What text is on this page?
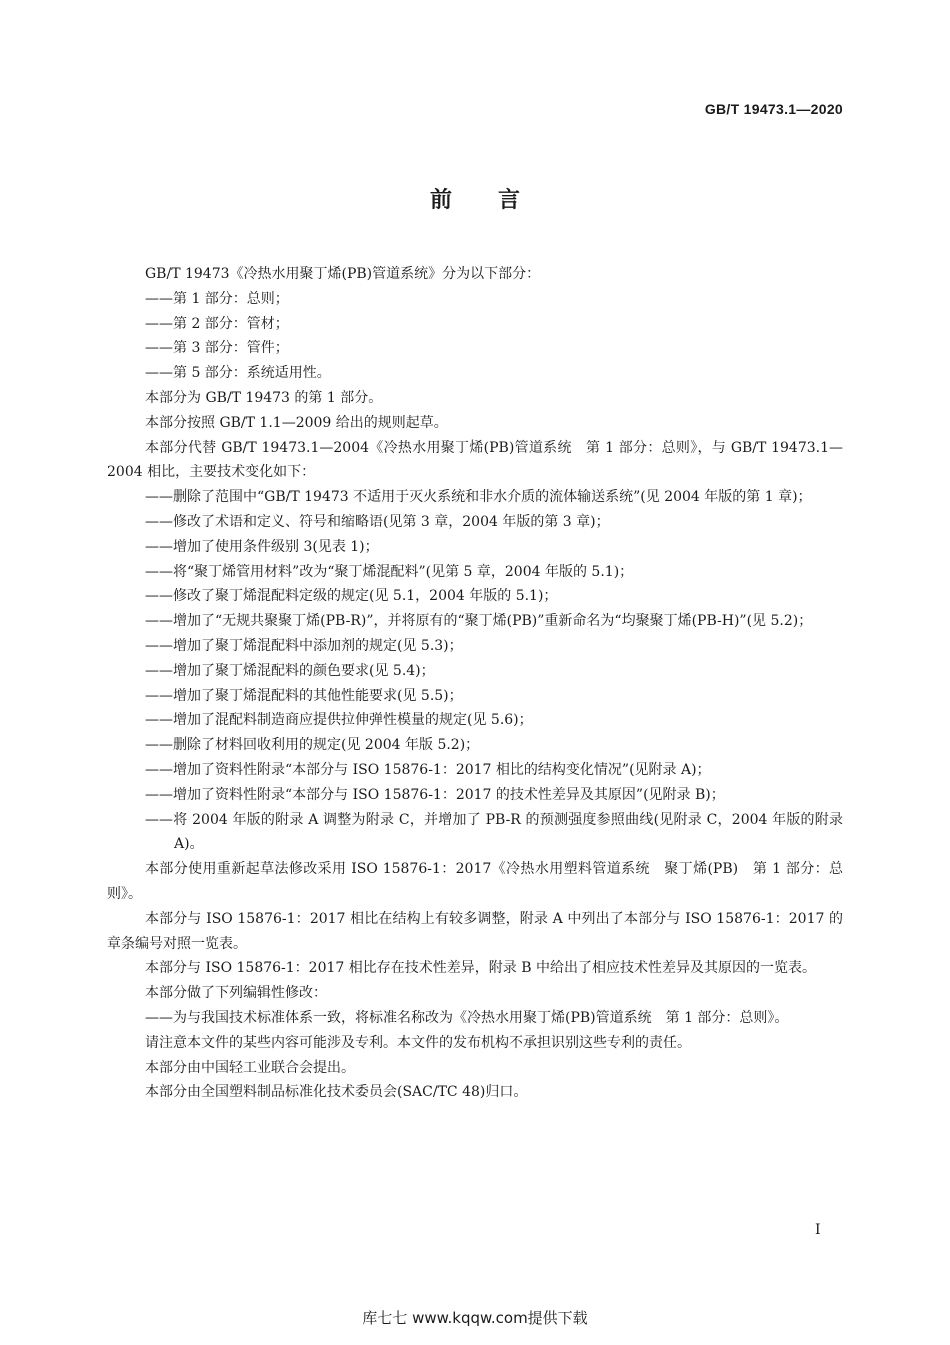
GB/T 19473.1—2020
前言

GB/T 19473《冷热水用聚丁烯(PB)管道系统》分为以下部分：

——第 1 部分：总则；

——第 2 部分：管材；

——第 3 部分：管件；

——第 5 部分：系统适用性。

本部分为 GB/T 19473 的第 1 部分。

本部分按照 GB/T 1.1—2009 给出的规则起草。

本部分代替 GB/T 19473.1—2004《冷热水用聚丁烯(PB)管道系统　第 1 部分：总则》，与 GB/T 19473.1—2004 相比，主要技术变化如下：

——删除了范围中“GB/T 19473 不适用于灭火系统和非水介质的流体输送系统”(见 2004 年版的第 1 章)；

——修改了术语和定义、符号和缩略语(见第 3 章，2004 年版的第 3 章)；

——增加了使用条件级别 3(见表 1)；

——将“聚丁烯管用材料”改为“聚丁烯混配料”(见第 5 章，2004 年版的 5.1)；

——修改了聚丁烯混配料定级的规定(见 5.1，2004 年版的 5.1)；

——增加了“无规共聚聚丁烯(PB-R)”，并将原有的“聚丁烯(PB)”重新命名为“均聚聚丁烯(PB-H)”(见 5.2)；

——增加了聚丁烯混配料中添加剂的规定(见 5.3)；

——增加了聚丁烯混配料的颜色要求(见 5.4)；

——增加了聚丁烯混配料的其他性能要求(见 5.5)；

——增加了混配料制造商应提供拉伸弹性模量的规定(见 5.6)；

——删除了材料回收利用的规定(见 2004 年版 5.2)；

——增加了资料性附录“本部分与 ISO 15876-1：2017 相比的结构变化情况”(见附录 A)；

——增加了资料性附录“本部分与 ISO 15876-1：2017 的技术性差异及其原因”(见附录 B)；

——将 2004 年版的附录 A 调整为附录 C，并增加了 PB-R 的预测强度参照曲线(见附录 C，2004 年版的附录 A)。

本部分使用重新起草法修改采用 ISO 15876-1：2017《冷热水用塑料管道系统　聚丁烯(PB)　第 1 部分：总则》。

本部分与 ISO 15876-1：2017 相比在结构上有较多调整，附录 A 中列出了本部分与 ISO 15876-1：2017 的章条编号对照一览表。

本部分与 ISO 15876-1：2017 相比存在技术性差异，附录 B 中给出了相应技术性差异及其原因的一览表。

本部分做了下列编辑性修改：

——为与我国技术标准体系一致，将标准名称改为《冷热水用聚丁烯(PB)管道系统　第 1 部分：总则》。

请注意本文件的某些内容可能涉及专利。本文件的发布机构不承担识别这些专利的责任。

本部分由中国轻工业联合会提出。

本部分由全国塑料制品标准化技术委员会(SAC/TC 48)归口。

I
库七七 www.kqqw.com提供下载
